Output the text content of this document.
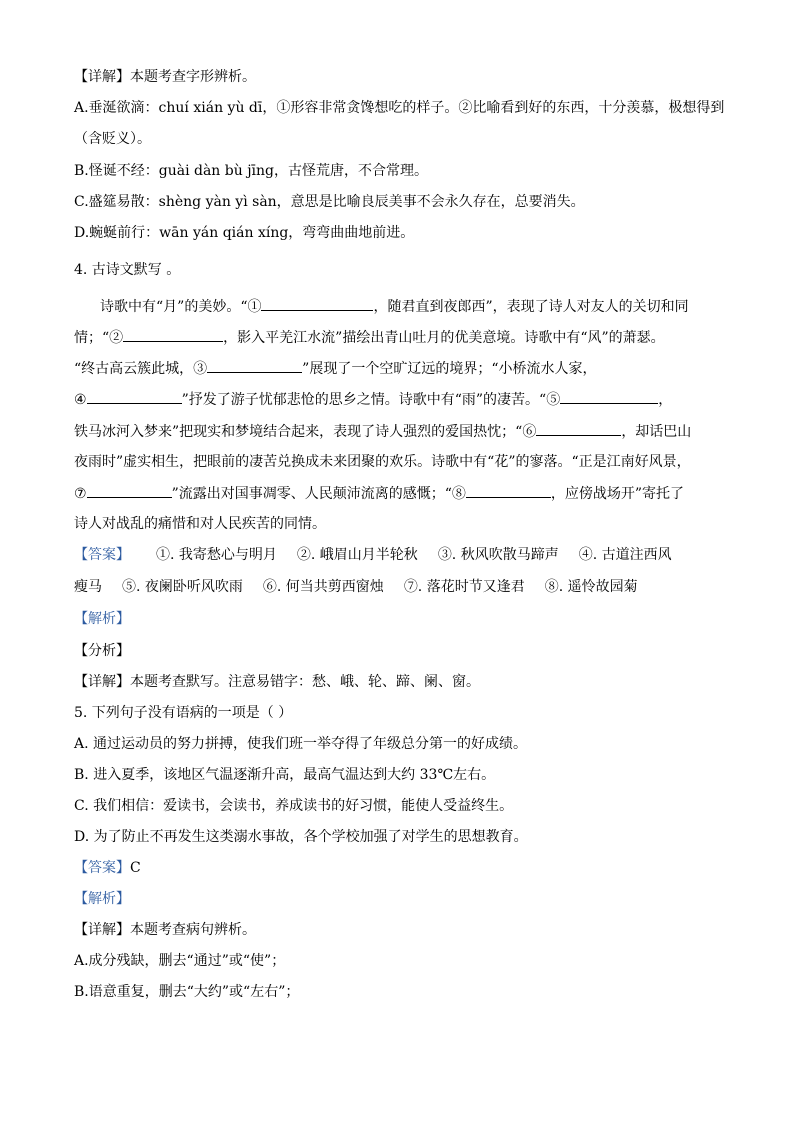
【详解】本题考查字形辨析。
A.垂涎欲滴：chuí xián yù dī，①形容非常贪馋想吃的样子。②比喻看到好的东西，十分羡慕，极想得到
（含贬义）。
B.怪诞不经：guài dàn bù jīng，古怪荒唐，不合常理。
C.盛筵易散：shèng yàn yì sàn，意思是比喻良辰美事不会永久存在，总要消失。
D.蜿蜒前行：wān yán qián xíng，弯弯曲曲地前进。
4. 古诗文默写 。
诗歌中有“月”的美妙。“①	，随君直到夜郎西”，表现了诗人对友人的关切和同
情；“②	，影入平羌江水流”描绘出青山吐月的优美意境。诗歌中有“风”的萧瑟。
“终古高云簇此城，③	”展现了一个空旷辽远的境界；“小桥流水人家，
④	”抒发了游子忧郁悲怆的思乡之情。诗歌中有“雨”的凄苦。“⑤	，
铁马冰河入梦来”把现实和梦境结合起来，表现了诗人强烈的爱国热忱；“⑥	，却话巴山
夜雨时”虚实相生，把眼前的凄苦兑换成未来团聚的欢乐。诗歌中有“花”的寥落。“正是江南好风景，
⑦	”流露出对国事凋零、人民颠沛流离的感慨；“⑧	，应傍战场开”寄托了
诗人对战乱的痛惜和对人民疾苦的同情。
【答案】 ①. 我寄愁心与明月 ②. 峨眉山月半轮秋 ③. 秋风吹散马蹄声 ④. 古道注西风
瘦马 ⑤. 夜阑卧听风吹雨 ⑥. 何当共剪西窗烛 ⑦. 落花时节又逢君 ⑧. 遥怜故园菊
【解析】
【分析】
【详解】本题考查默写。注意易错字：愁、峨、轮、蹄、阑、窗。
5. 下列句子没有语病的一项是（ ）
A. 通过运动员的努力拼搏，使我们班一举夺得了年级总分第一的好成绩。
B. 进入夏季，该地区气温逐渐升高，最高气温达到大约 33℃左右。
C. 我们相信：爱读书，会读书，养成读书的好习惯，能使人受益终生。
D. 为了防止不再发生这类溺水事故，各个学校加强了对学生的思想教育。
【答案】C
【解析】
【详解】本题考查病句辨析。
A.成分残缺，删去“通过”或“使”；
B.语意重复，删去“大约”或“左右”；
